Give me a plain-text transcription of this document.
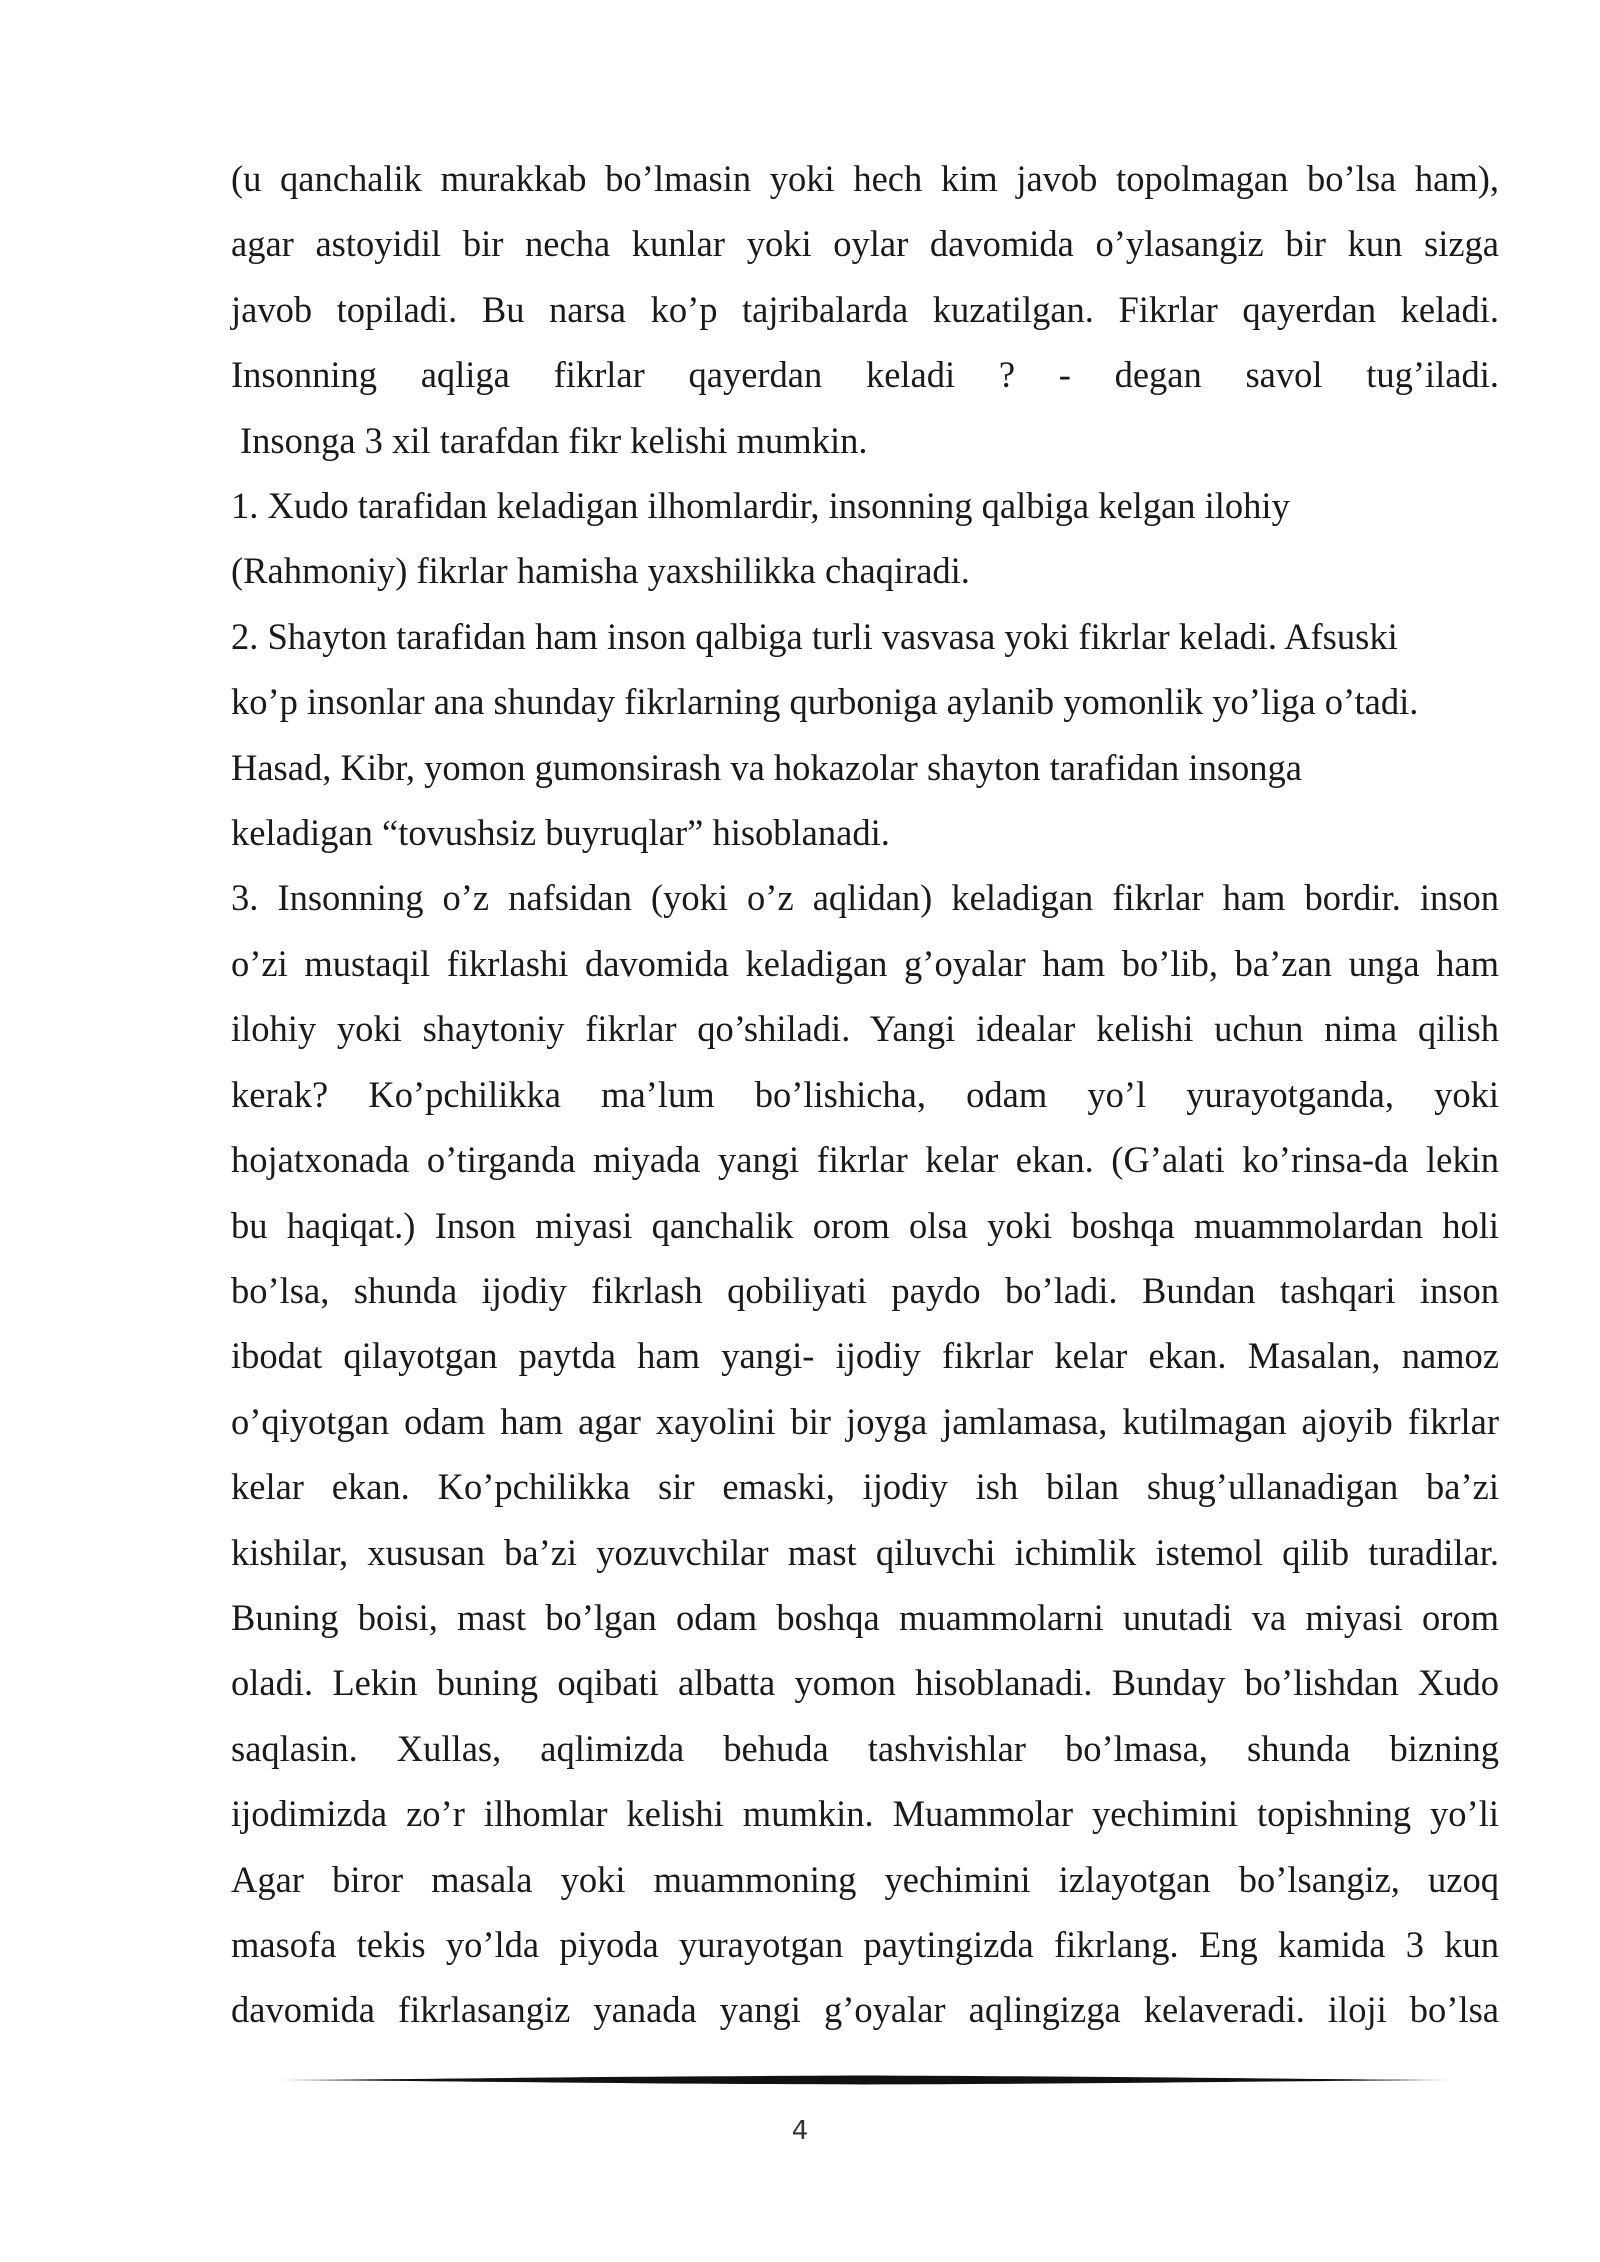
(u qanchalik murakkab bo’lmasin yoki hech kim javob topolmagan bo’lsa ham),
agar astoyidil bir necha kunlar yoki oylar davomida o’ylasangiz bir kun sizga
javob topiladi. Bu narsa ko’p tajribalarda kuzatilgan. Fikrlar qayerdan keladi.
Insonning aqliga fikrlar qayerdan keladi ? - degan savol tug’iladi.

Insonga 3 xil tarafdan fikr kelishi mumkin.

1. Xudo tarafidan keladigan ilhomlardir, insonning qalbiga kelgan ilohiy
(Rahmoniy) fikrlar hamisha yaxshilikka chaqiradi.

2. Shayton tarafidan ham inson qalbiga turli vasvasa yoki fikrlar keladi. Afsuski
ko’p insonlar ana shunday fikrlarning qurboniga aylanib yomonlik yo’liga o’tadi.
Hasad, Kibr, yomon gumonsirash va hokazolar shayton tarafidan insonga
keladigan “tovushsiz buyruqlar” hisoblanadi.

3. Insonning o’z nafsidan (yoki o’z aqlidan) keladigan fikrlar ham bordir. inson
o’zi mustaqil fikrlashi davomida keladigan g’oyalar ham bo’lib, ba’zan unga ham
ilohiy yoki shaytoniy fikrlar qo’shiladi. Yangi idealar kelishi uchun nima qilish
kerak? Ko’pchilikka ma’lum bo’lishicha, odam yo’l yurayotganda, yoki
hojatxonada o’tirganda miyada yangi fikrlar kelar ekan. (G’alati ko’rinsa-da lekin
bu haqiqat.) Inson miyasi qanchalik orom olsa yoki boshqa muammolardan holi
bo’lsa, shunda ijodiy fikrlash qobiliyati paydo bo’ladi. Bundan tashqari inson
ibodat qilayotgan paytda ham yangi- ijodiy fikrlar kelar ekan. Masalan, namoz
o’qiyotgan odam ham agar xayolini bir joyga jamlamasa, kutilmagan ajoyib fikrlar
kelar ekan. Ko’pchilikka sir emaski, ijodiy ish bilan shug’ullanadigan ba’zi
kishilar, xususan ba’zi yozuvchilar mast qiluvchi ichimlik istemol qilib turadilar.
Buning boisi, mast bo’lgan odam boshqa muammolarni unutadi va miyasi orom
oladi. Lekin buning oqibati albatta yomon hisoblanadi. Bunday bo’lishdan Xudo
saqlasin. Xullas, aqlimizda behuda tashvishlar bo’lmasa, shunda bizning
ijodimizda zo’r ilhomlar kelishi mumkin. Muammolar yechimini topishning yo’li
Agar biror masala yoki muammoning yechimini izlayotgan bo’lsangiz, uzoq
masofa tekis yo’lda piyoda yurayotgan paytingizda fikrlang. Eng kamida 3 kun
davomida fikrlasangiz yanada yangi g’oyalar aqlingizga kelaveradi. iloji bo’lsa

4
